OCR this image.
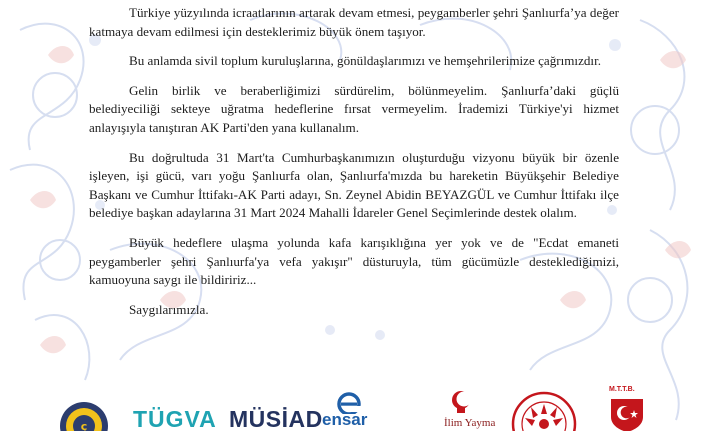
Türkiye yüzyılında icraatlarının artarak devam etmesi, peygamberler şehri Şanlıurfa’ya değer katmaya devam edilmesi için desteklerimiz büyük önem taşıyor.

Bu anlamda sivil toplum kuruluşlarına, gönüldaşlarımızı ve hemşehrilerimize çağrımızdır.

Gelin birlik ve beraberliğimizi sürdürelim, bölünmeyelim. Şanlıurfa’daki güçlü belediyeciliği sekteye uğratma hedeflerine fırsat vermeyelim. İrademizi Türkiye'yi hizmet anlayışıyla tanıştıran AK Parti'den yana kullanalım.

Bu doğrultuda 31 Mart'ta Cumhurbaşkanımızın oluşturduğu vizyonu büyük bir özenle işleyen, işi gücü, varı yoğu Şanlıurfa olan, Şanlıurfa'mızda bu hareketin Büyükşehir Belediye Başkanı ve Cumhur İttifakı-AK Parti adayı, Sn. Zeynel Abidin BEYAZGÜL ve Cumhur İttifakı ilçe belediye başkan adaylarına 31 Mart 2024 Mahalli İdareler Genel Seçimlerinde destek olalım.

Büyük hedeflere ulaşma yolunda kafa karışıklığına yer yok ve de "Ecdat emaneti peygamberler şehri Şanlıurfa'ya vefa yakışır" düsturuyla, tüm gücümüzle desteklediğimizi, kamuoyuna saygı ile bildiririz...

Saygılarımızla.

ç TÜGVA MÜSİAD ensar	İlim Yayma
M.T.T.B.
